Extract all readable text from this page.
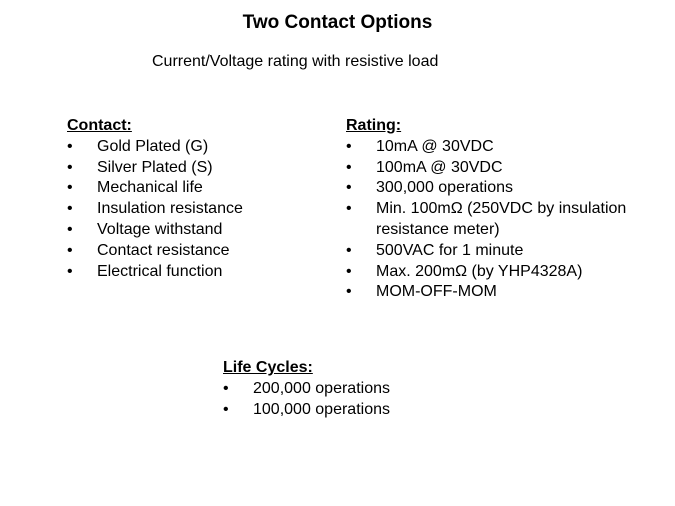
Two Contact Options
Current/Voltage rating with resistive load
Contact:
• Gold Plated (G)
• Silver Plated (S)
• Mechanical life
• Insulation resistance
• Voltage withstand
• Contact resistance
• Electrical function
Rating:
• 10mA @ 30VDC
• 100mA @ 30VDC
• 300,000 operations
• Min. 100mΩ (250VDC by insulation resistance meter)
• 500VAC for 1 minute
• Max. 200mΩ (by YHP4328A)
• MOM-OFF-MOM
Life Cycles:
• 200,000 operations
• 100,000 operations
